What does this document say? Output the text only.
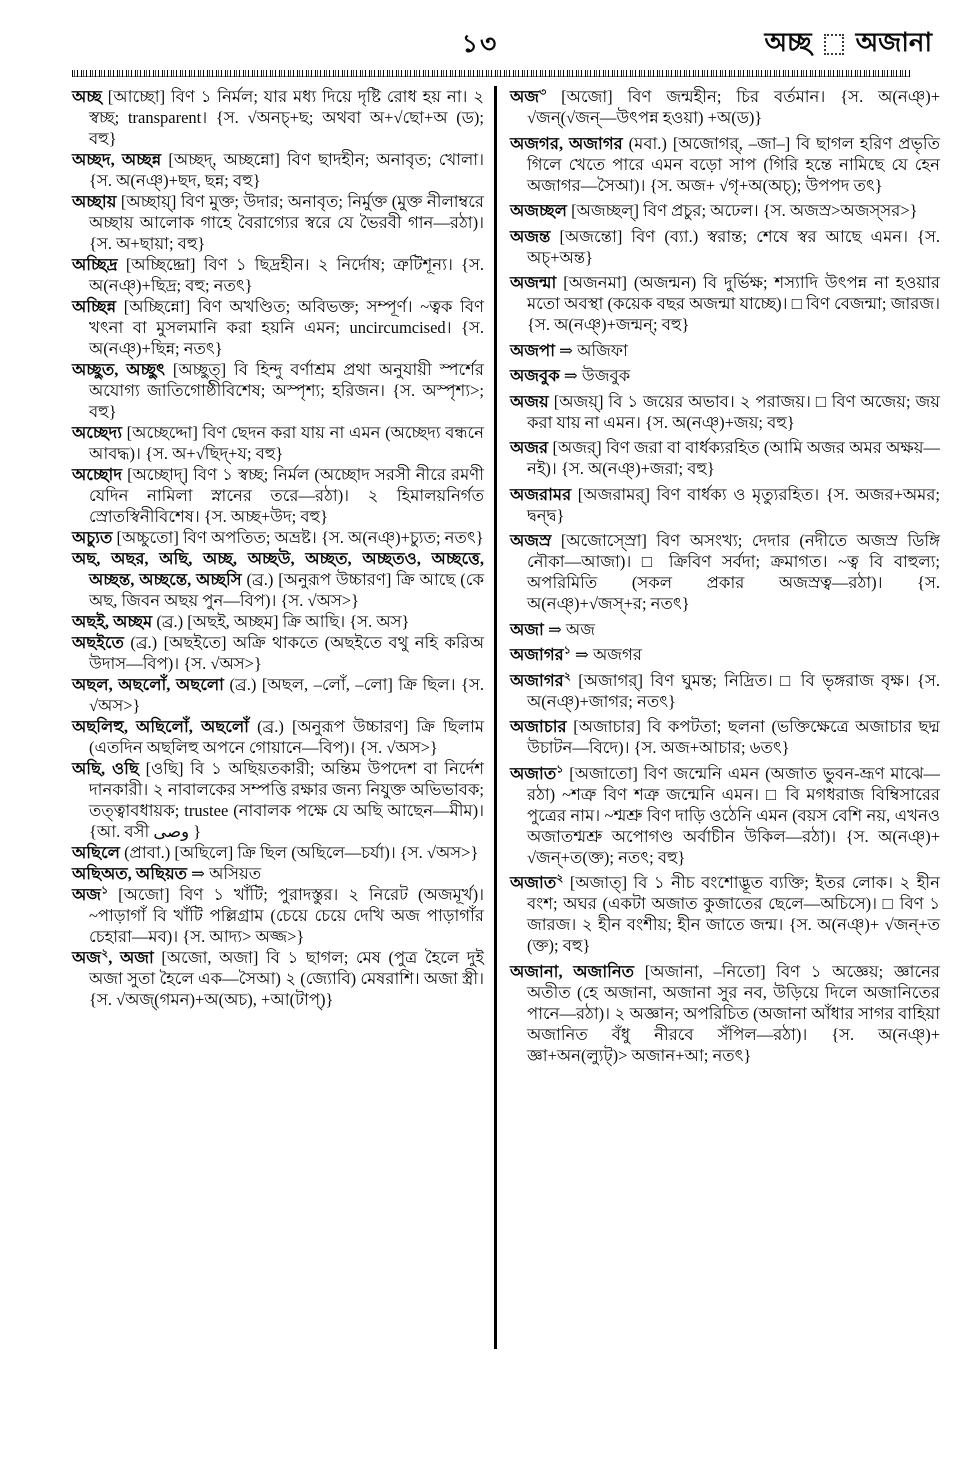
১৩	অচ্ছ অজানা

অচ্ছ [আচ্ছো] বিণ ১ নির্মল; যার মধ্য দিয়ে দৃষ্টি রোধ হয় না। ২ স্বচ্ছ; transparent। {স. √অনচ্+ছ; অথবা অ+√ছো+অ (ড); বহু}

অচ্ছদ, অচ্ছন্ন [অচ্ছদ্, অচ্ছন্নো] বিণ ছাদহীন; অনাবৃত; খোলা। {স. অ(নঞ্)+ছদ, ছন্ন; বহু}

অচ্ছায় [অচ্ছায়্] বিণ মুক্ত; উদার; অনাবৃত; নির্মুক্ত (মুক্ত নীলাম্বরে অচ্ছায় আলোক গাহে বৈরাগ্যের স্বরে যে ভৈরবী গান—রঠা)। {স. অ+ছায়া; বহু}

অচ্ছিদ্র [অচ্ছিদ্দ্রো] বিণ ১ ছিদ্রহীন। ২ নির্দোষ; ত্রুটিশূন্য। {স. অ(নঞ্)+ছিদ্র; বহু; নতৎ}

অচ্ছিন্ন [অচ্ছিন্নো] বিণ অখণ্ডিত; অবিভক্ত; সম্পূর্ণ। ~ত্বক বিণ খৎনা বা মুসলমানি করা হয়নি এমন; uncircumcised। {স. অ(নঞ্)+ছিন্ন; নতৎ}

অচ্ছুত, অচ্ছুৎ [অচ্ছুত্] বি হিন্দু বর্ণাশ্রম প্রথা অনুযায়ী স্পর্শের অযোগ্য জাতিগোষ্ঠীবিশেষ; অস্পৃশ্য; হরিজন। {স. অস্পৃশ্য>; বহু}

অচ্ছেদ্য [অচ্ছেদ্দো] বিণ ছেদন করা যায় না এমন (অচ্ছেদ্য বন্ধনে আবদ্ধ)। {স. অ+√ছিদ্+য; বহু}

অচ্ছোদ [অচ্ছোদ্] বিণ ১ স্বচ্ছ; নির্মল (অচ্ছোদ সরসী নীরে রমণী যেদিন নামিলা স্নানের তরে—রঠা)। ২ হিমালয়নির্গত স্রোতস্বিনীবিশেষ। {স. অচ্ছ+উদ; বহু}

অচ্যুত [অচ্চুতো] বিণ অপতিত; অভ্রষ্ট। {স. অ(নঞ্)+চ্যুত; নতৎ}

অছ, অছর, অছি, অচ্ছ, অচ্ছউ, অচ্ছত, অচ্ছতও, অচ্ছত্তে, অচ্ছন্ত, অচ্ছন্তে, অচ্ছসি (ব্র.) [অনুরূপ উচ্চারণ] ক্রি আছে (কে অছ, জিবন অছয় পুন—বিপ)। {স. √অস>}

অছই, অচ্ছম (ব্র.) [অছই, অচ্ছম] ক্রি আছি। {স. অস}

অছইতে (ব্র.) [অছইতে] অক্রি থাকতে (অছইতে বথু নহি করিঅ উদাস—বিপ)। {স. √অস>}

অছল, অছলোঁ, অছলো (ব্র.) [অছল, –লোঁ, –লো] ক্রি ছিল। {স. √অস>}

অছলিহু, অছিলোঁ, অছলোঁ (ব্র.) [অনুরূপ উচ্চারণ] ক্রি ছিলাম (এতদিন অছলিহু অপনে গোয়ানে—বিপ)। {স. √অস>}

অছি, ওছি [ওছি] বি ১ অছিয়তকারী; অন্তিম উপদেশ বা নির্দেশ দানকারী। ২ নাবালকের সম্পত্তি রক্ষার জন্য নিযুক্ত অভিভাবক; তত্ত্বাবধায়ক; trustee (নাবালক পক্ষে যে অছি আছেন—মীম)। {আ. বসী وصى }

অছিলে (প্রাবা.) [অছিলে] ক্রি ছিল (অছিলে—চর্যা)। {স. √অস>}

অছিঅত, অছিয়ত ⇒ অসিয়ত

অজ$^১$ [অজো] বিণ ১ খাঁটি; পুরাদস্তুর। ২ নিরেট (অজমূর্খ)। ~পাড়াগাঁ বি খাঁটি পল্লিগ্রাম (চেয়ে চেয়ে দেখি অজ পাড়াগাঁর চেহারা—মব)। {স. আদ্য> অজ্জ>}

অজ$^২$, অজা [অজো, অজা] বি ১ ছাগল; মেষ (পুত্র হৈলে দুই অজা সুতা হৈলে এক—সৈআ) ২ (জ্যোবি) মেষরাশি। অজা স্ত্রী। {স. √অজ্(গমন)+অ(অচ), +আ(টাপ্)}

অজ$^৩$ [অজো] বিণ জন্মহীন; চির বর্তমান। {স. অ(নঞ্)+ √জন্(√জন্—উৎপন্ন হওয়া) +অ(ড)}

অজগর, অজাগর (মবা.) [অজোগর্, –জা–] বি ছাগল হরিণ প্রভৃতি গিলে খেতে পারে এমন বড়ো সাপ (গিরি হন্তে নামিছে যে হেন অজাগর—সৈআ)। {স. অজ+ √গৃ+অ(অচ্); উপপদ তৎ}

অজচ্ছল [অজচ্ছল্] বিণ প্রচুর; অঢেল। {স. অজস্র>অজস্সর>}

অজন্ত [অজন্তো] বিণ (ব্যা.) স্বরান্ত; শেষে স্বর আছে এমন। {স. অচ্+অন্ত}

অজন্মা [অজনমা] (অজন্মন) বি দুর্ভিক্ষ; শস্যাদি উৎপন্ন না হওয়ার মতো অবস্থা (কয়েক বছর অজন্মা যাচ্ছে)। □ বিণ বেজন্মা; জারজ। {স. অ(নঞ্)+জন্মন্; বহু}

অজপা ⇒ অজিফা

অজবুক ⇒ উজবুক

অজয় [অজয়্] বি ১ জয়ের অভাব। ২ পরাজয়। □ বিণ অজেয়; জয় করা যায় না এমন। {স. অ(নঞ্)+জয়; বহু}

অজর [অজর্] বিণ জরা বা বার্ধক্যরহিত (আমি অজর অমর অক্ষয়—নই)। {স. অ(নঞ্)+জরা; বহু}

অজরামর [অজরামর্] বিণ বার্ধক্য ও মৃত্যুরহিত। {স. অজর+অমর; দ্বন্দ্ব}

অজস্র [অজোস্স্রো] বিণ অসংখ্য; দেদার (নদীতে অজস্র ডিঙ্গি নৌকা—আজা)। □ ক্রিবিণ সর্বদা; ক্রমাগত। ~ত্ব বি বাহুল্য; অপরিমিতি (সকল প্রকার অজস্রত্ব—রঠা)। {স. অ(নঞ্)+√জস্+র; নতৎ}

অজা ⇒ অজ

অজাগর$^১$ ⇒ অজগর

অজাগর$^২$ [অজাগর্] বিণ ঘুমন্ত; নিদ্রিত। □ বি ভৃঙ্গরাজ বৃক্ষ। {স. অ(নঞ্)+জাগর; নতৎ}

অজাচার [অজাচার] বি কপটতা; ছলনা (ভক্তিক্ষেত্রে অজাচার ছদ্ম উচাটন—বিদে)। {স. অজ+আচার; ৬তৎ}

অজাত$^১$ [অজাতো] বিণ জন্মেনি এমন (অজাত ভুবন-ভ্রূণ মাঝে—রঠা) ~শত্রু বিণ শত্রু জন্মেনি এমন। □ বি মগধরাজ বিম্বিসারের পুত্রের নাম। ~শ্মশ্রু বিণ দাড়ি ওঠেনি এমন (বয়স বেশি নয়, এখনও অজাতশ্মশ্রু অপোগণ্ড অর্বাচীন উকিল—রঠা)। {স. অ(নঞ্)+ √জন্+ত(ক্ত); নতৎ; বহু}

অজাত$^২$ [অজাত্] বি ১ নীচ বংশোদ্ভূত ব্যক্তি; ইতর লোক। ২ হীন বংশ; অঘর (একটা অজাত কুজাতের ছেলে—অচিসে)। □ বিণ ১ জারজ। ২ হীন বংশীয়; হীন জাতে জন্ম। {স. অ(নঞ্)+ √জন্+ত (ক্ত); বহু}

অজানা, অজানিত [অজানা, –নিতো] বিণ ১ অজ্ঞেয়; জ্ঞানের অতীত (হে অজানা, অজানা সুর নব, উড়িয়ে দিলে অজানিতের পানে—রঠা)। ২ অজ্ঞান; অপরিচিত (অজানা আঁধার সাগর বাহিয়া অজানিত বঁধু নীরবে সঁপিল—রঠা)। {স. অ(নঞ্)+ জ্ঞা+অন(ল্যুট্)> অজান+আ; নতৎ}
